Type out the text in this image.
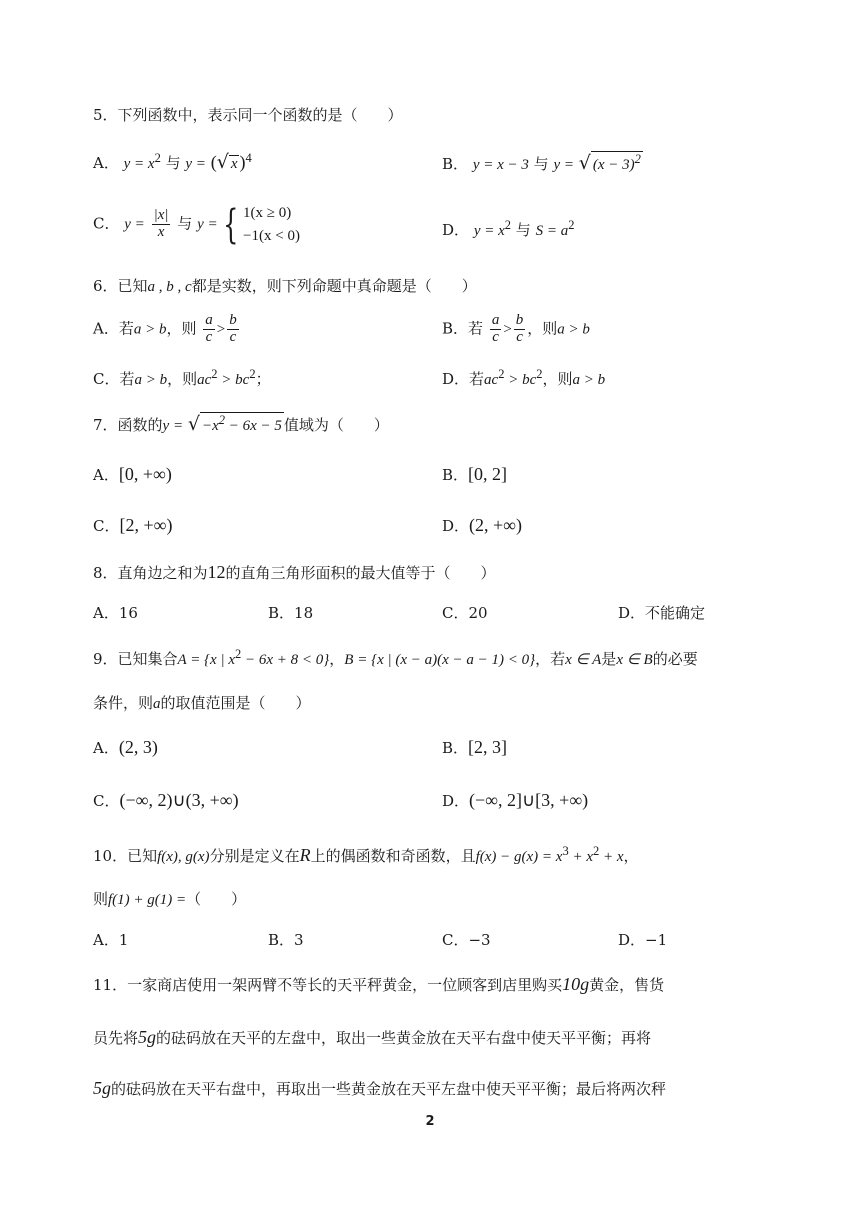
5．下列函数中，表示同一个函数的是（　　）
A． $y = x^2$ 与 y = (√ x )$^4$	B． y = x − 3 与 y = √ $(x - 3)^2$
C． $y = \frac{|x|}{x}$ 与 y = { 1(x ≥ 0)
−1(x < 0)	D． $y = x^2$ 与 $S = a^2$
6．已知a , b , c都是实数，则下列命题中真命题是（　　）
A．若a > b，则 $\frac{a}{c} > \frac{b}{c}$	B．若 $\frac{a}{c} > \frac{b}{c}$ ，则a > b
C．若a > b，则$ac^2 > bc^2$；	D．若$ac^2 > bc^2$，则a > b
7．函数的y = √ $-x^2 - 6x - 5$ 值域为（　　）
A．[0, +∞)	B．[0, 2]
C．[2, +∞)	D．(2, +∞)
8．直角边之和为12的直角三角形面积的最大值等于（　　）
A．16	B．18	C．20	D．不能确定
9．已知集合A = {x | $x^2 - 6x + 8 < 0$}，B = {x | (x − a)(x − a − 1) < 0}，若x ∈ A是x ∈ B的必要
条件，则a的取值范围是（　　）
A．(2, 3)	B．[2, 3]
C．(−∞, 2)∪(3, +∞)	D．(−∞, 2]∪[3, +∞)
10．已知f(x), g(x)分别是定义在R上的偶函数和奇函数，且$f(x) - g(x) = x^3 + x^2 + x$，
则f(1) + g(1) =（　　）
A．1	B．3	C．−3	D．−1
11．一家商店使用一架两臂不等长的天平秤黄金，一位顾客到店里购买10g黄金，售货
员先将5g的砝码放在天平的左盘中，取出一些黄金放在天平右盘中使天平平衡；再将
5g的砝码放在天平右盘中，再取出一些黄金放在天平左盘中使天平平衡；最后将两次秤
2
